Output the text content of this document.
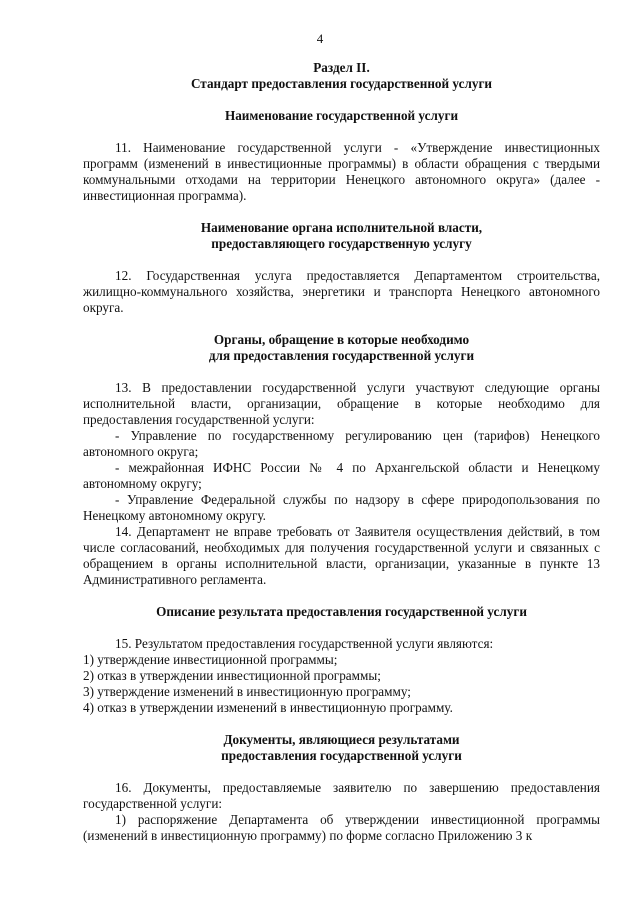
4

Раздел II.

Стандарт предоставления государственной услуги

Наименование государственной услуги

11. Наименование государственной услуги - «Утверждение инвестиционных программ (изменений в инвестиционные программы) в области обращения с твердыми коммунальными отходами на территории Ненецкого автономного округа» (далее - инвестиционная программа).

Наименование органа исполнительной власти,

предоставляющего государственную услугу

12. Государственная услуга предоставляется Департаментом строительства, жилищно-коммунального хозяйства, энергетики и транспорта Ненецкого автономного округа.

Органы, обращение в которые необходимо

для предоставления государственной услуги

13. В предоставлении государственной услуги участвуют следующие органы исполнительной власти, организации, обращение в которые необходимо для предоставления государственной услуги:

- Управление по государственному регулированию цен (тарифов) Ненецкого автономного округа;

- межрайонная ИФНС России № 4 по Архангельской области и Ненецкому автономному округу;

- Управление Федеральной службы по надзору в сфере природопользования по Ненецкому автономному округу.

14. Департамент не вправе требовать от Заявителя осуществления действий, в том числе согласований, необходимых для получения государственной услуги и связанных с обращением в органы исполнительной власти, организации, указанные в пункте 13 Административного регламента.

Описание результата предоставления государственной услуги

15. Результатом предоставления государственной услуги являются:

1) утверждение инвестиционной программы;

2) отказ в утверждении инвестиционной программы;

3) утверждение изменений в инвестиционную программу;

4) отказ в утверждении изменений в инвестиционную программу.

Документы, являющиеся результатами

предоставления государственной услуги

16. Документы, предоставляемые заявителю по завершению предоставления государственной услуги:

1) распоряжение Департамента об утверждении инвестиционной программы (изменений в инвестиционную программу) по форме согласно Приложению 3 к
